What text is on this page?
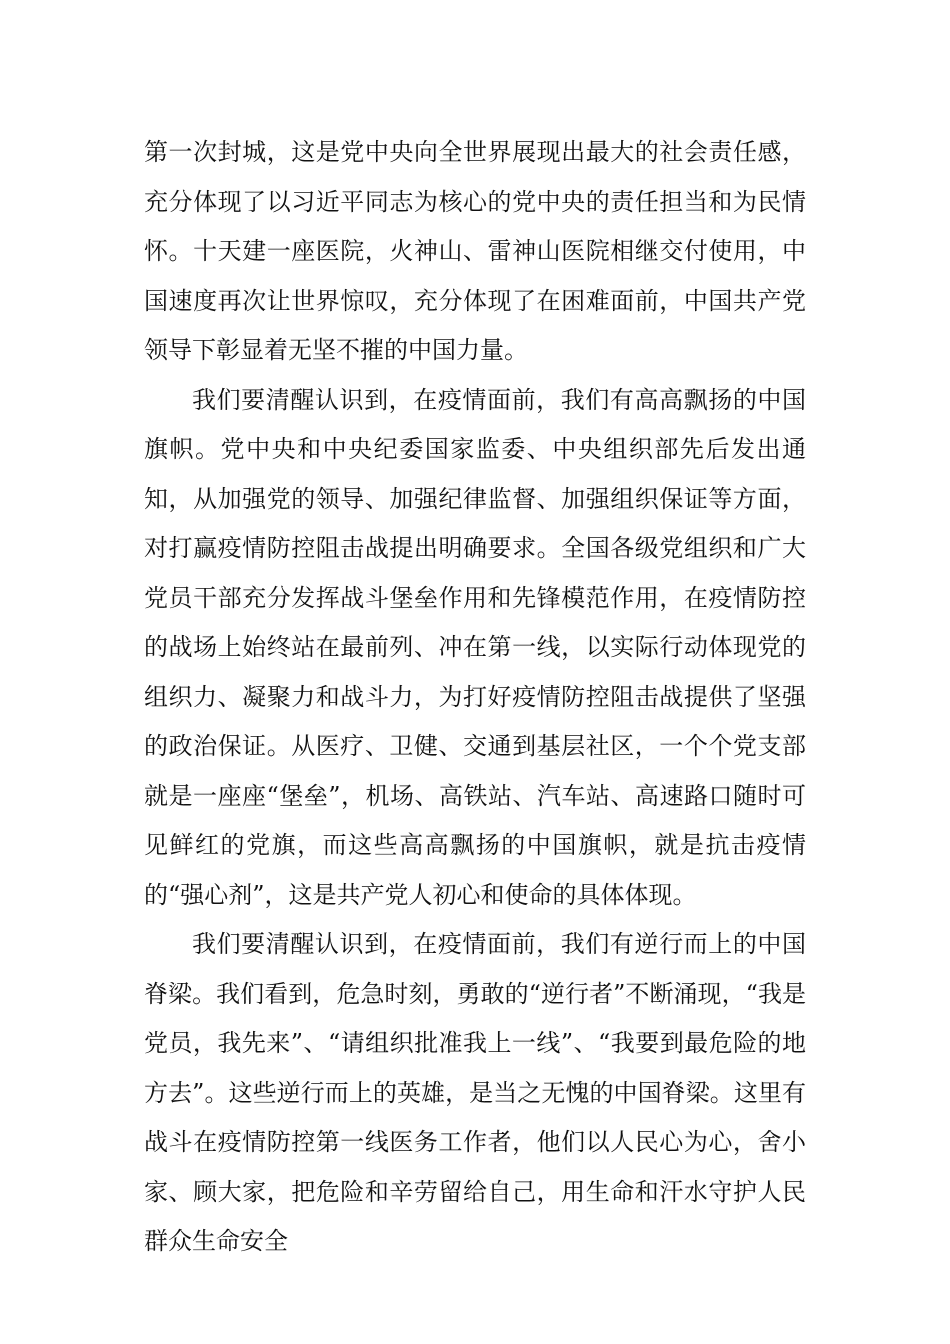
第一次封城，这是党中央向全世界展现出最大的社会责任感，充分体现了以习近平同志为核心的党中央的责任担当和为民情怀。十天建一座医院，火神山、雷神山医院相继交付使用，中国速度再次让世界惊叹，充分体现了在困难面前，中国共产党领导下彰显着无坚不摧的中国力量。

我们要清醒认识到，在疫情面前，我们有高高飘扬的中国旗帜。党中央和中央纪委国家监委、中央组织部先后发出通知，从加强党的领导、加强纪律监督、加强组织保证等方面，对打赢疫情防控阻击战提出明确要求。全国各级党组织和广大党员干部充分发挥战斗堡垒作用和先锋模范作用，在疫情防控的战场上始终站在最前列、冲在第一线，以实际行动体现党的组织力、凝聚力和战斗力，为打好疫情防控阻击战提供了坚强的政治保证。从医疗、卫健、交通到基层社区，一个个党支部就是一座座“堡垒”，机场、高铁站、汽车站、高速路口随时可见鲜红的党旗，而这些高高飘扬的中国旗帜，就是抗击疫情的“强心剂”，这是共产党人初心和使命的具体体现。

我们要清醒认识到，在疫情面前，我们有逆行而上的中国脊梁。我们看到，危急时刻，勇敢的“逆行者”不断涌现，“我是党员，我先来”、“请组织批准我上一线”、“我要到最危险的地方去”。这些逆行而上的英雄，是当之无愧的中国脊梁。这里有战斗在疫情防控第一线医务工作者，他们以人民心为心，舍小家、顾大家，把危险和辛劳留给自己，用生命和汗水守护人民群众生命安全
